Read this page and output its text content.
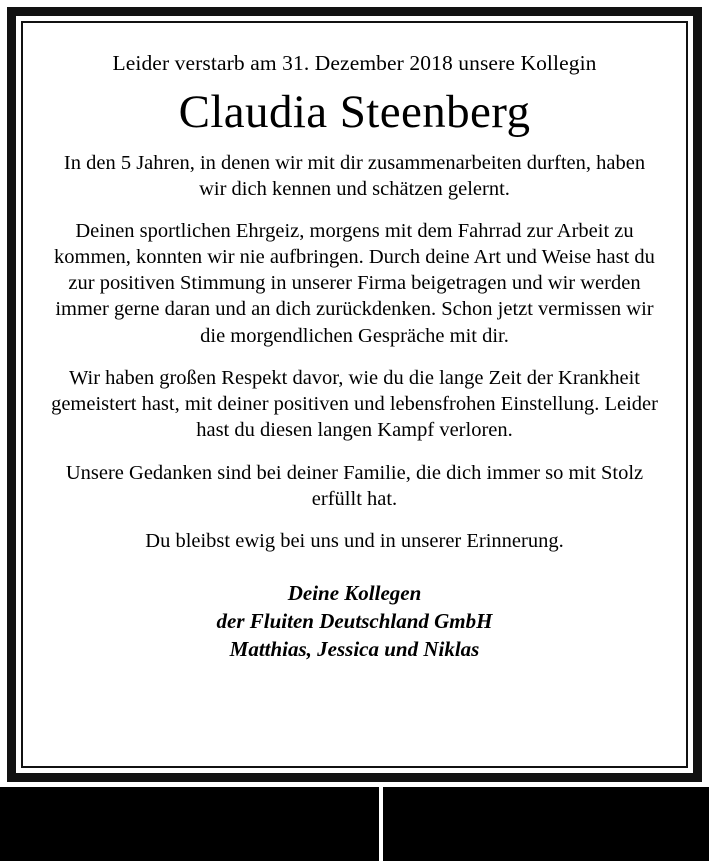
Leider verstarb am 31. Dezember 2018 unsere Kollegin

Claudia Steenberg

In den 5 Jahren, in denen wir mit dir zusammenarbeiten durften, haben wir dich kennen und schätzen gelernt.

Deinen sportlichen Ehrgeiz, morgens mit dem Fahrrad zur Arbeit zu kommen, konnten wir nie aufbringen. Durch deine Art und Weise hast du zur positiven Stimmung in unserer Firma beigetragen und wir werden immer gerne daran und an dich zurückdenken. Schon jetzt vermissen wir die morgendlichen Gespräche mit dir.

Wir haben großen Respekt davor, wie du die lange Zeit der Krankheit gemeistert hast, mit deiner positiven und lebensfrohen Einstellung. Leider hast du diesen langen Kampf verloren.

Unsere Gedanken sind bei deiner Familie, die dich immer so mit Stolz erfüllt hat.

Du bleibst ewig bei uns und in unserer Erinnerung.

Deine Kollegen
der Fluiten Deutschland GmbH
Matthias, Jessica und Niklas
